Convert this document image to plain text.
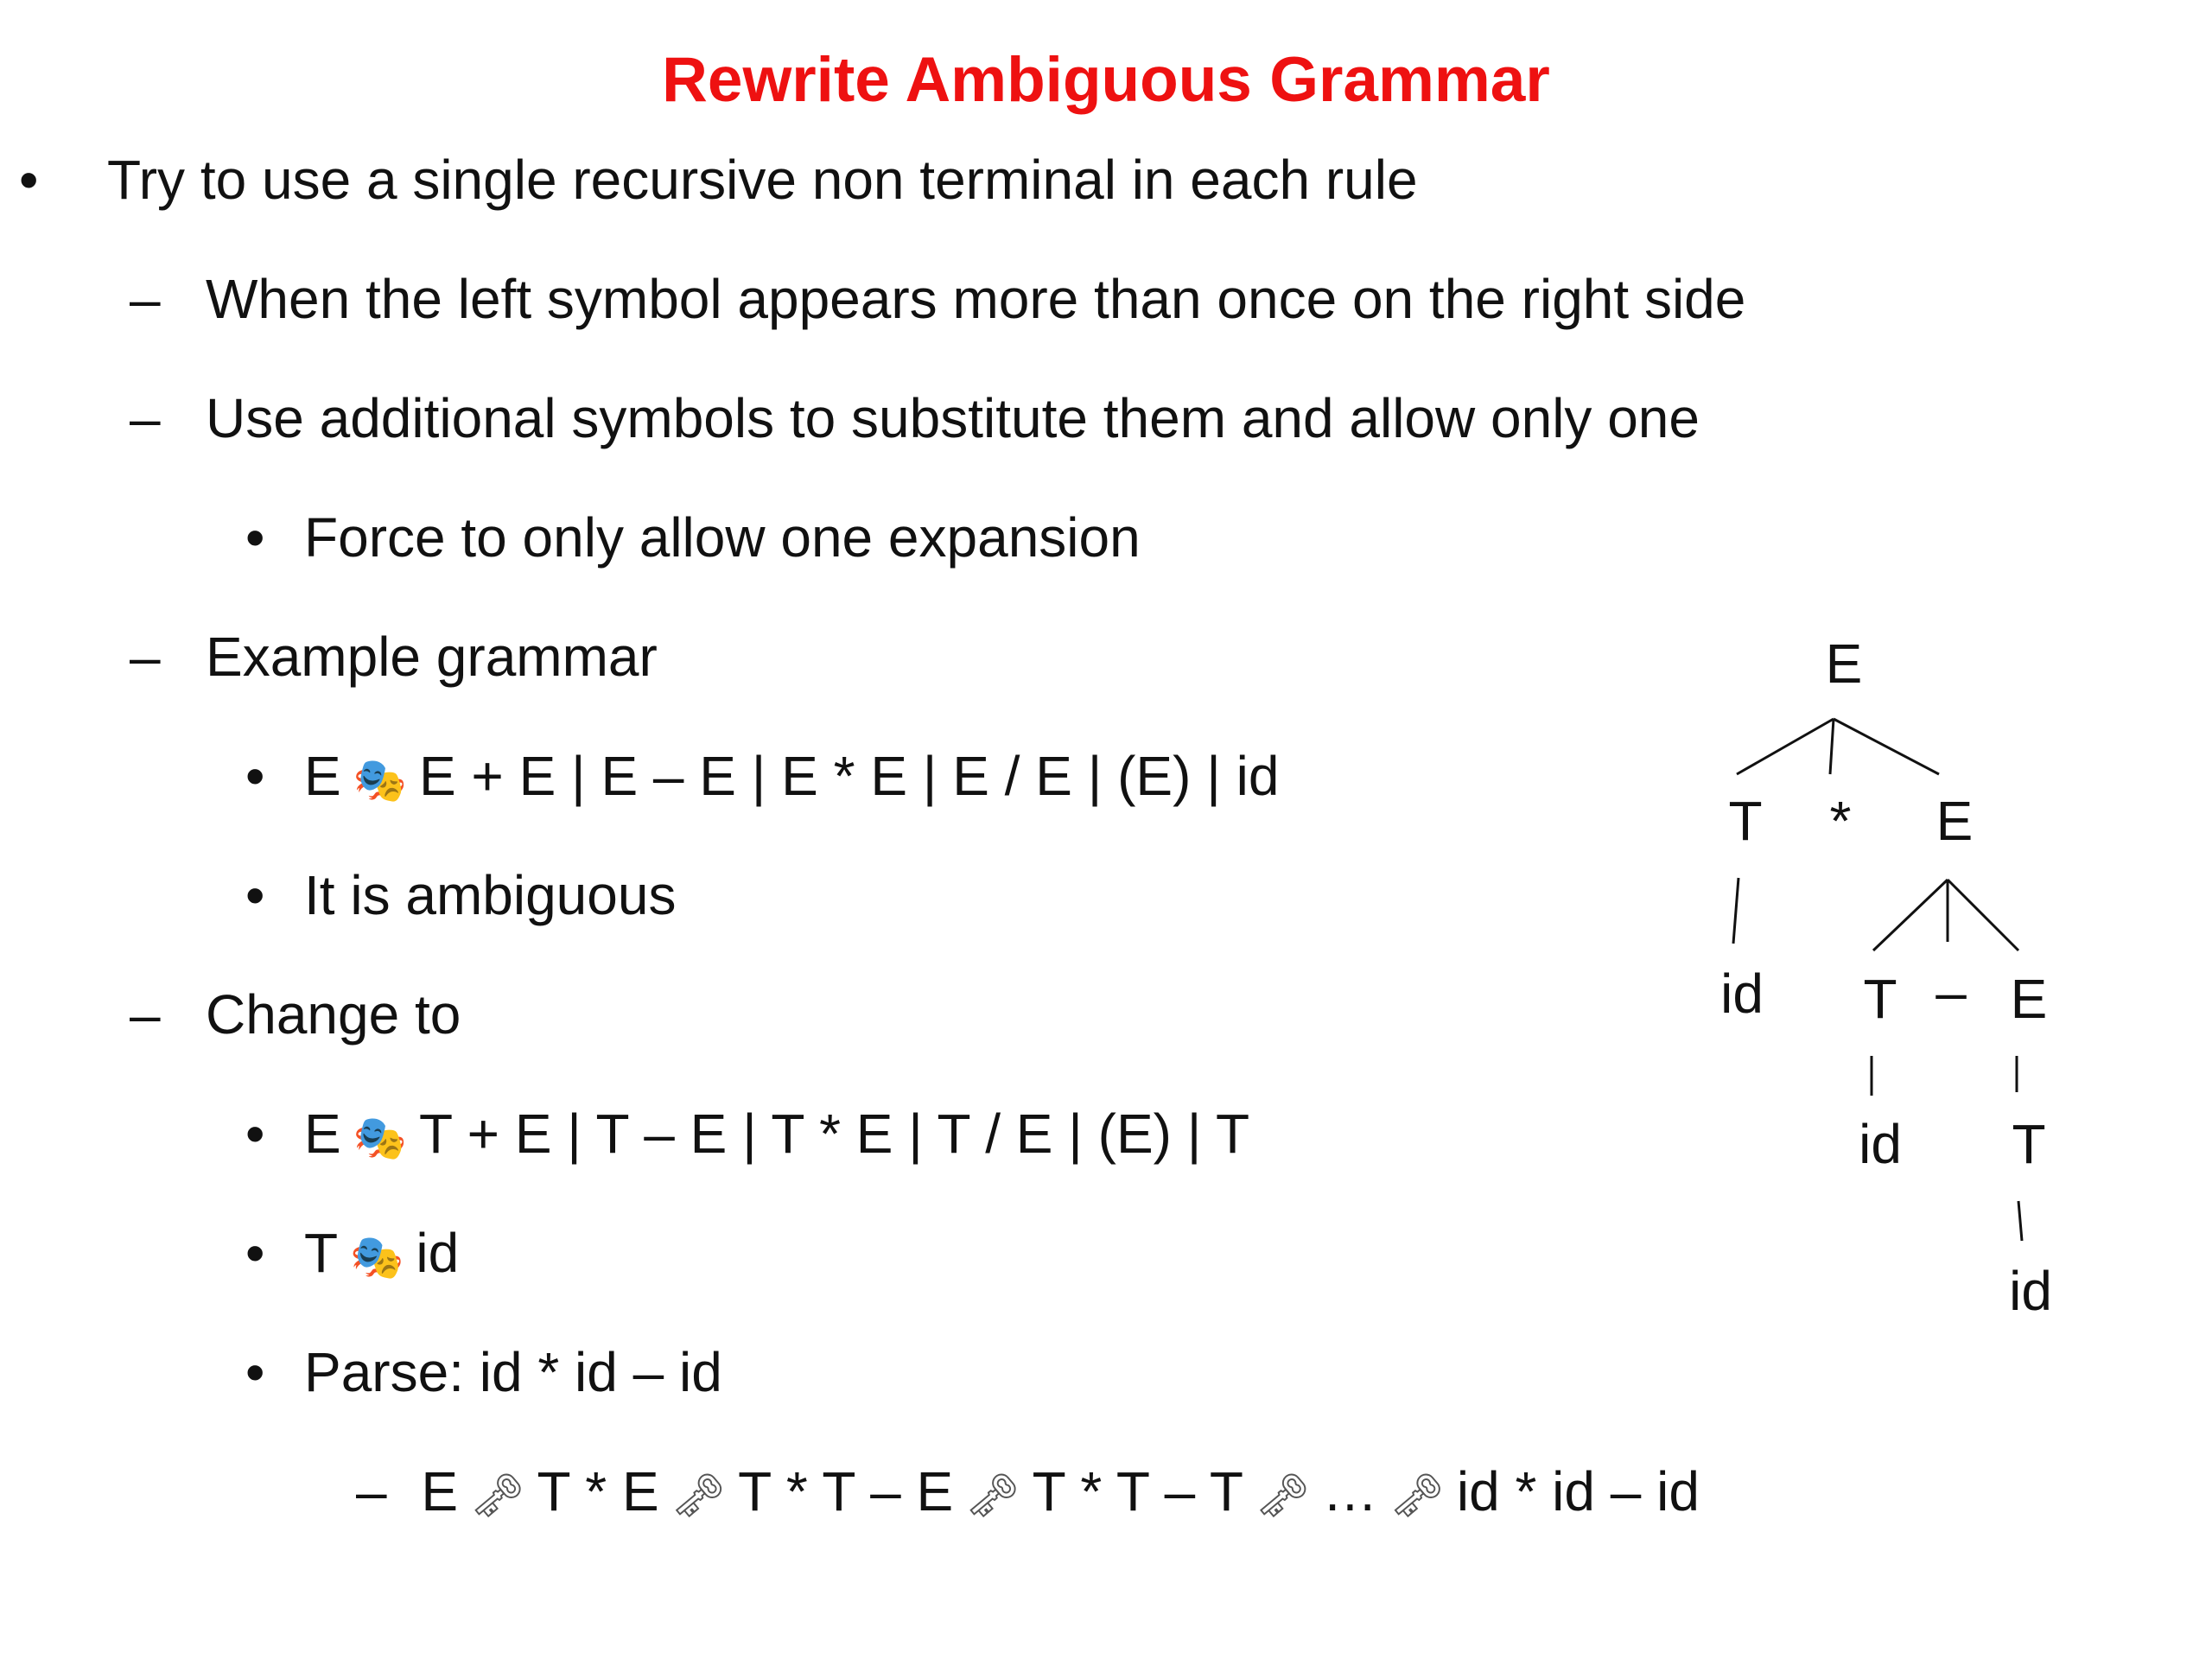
Rewrite Ambiguous Grammar
• Try to use a single recursive non terminal in each rule
– When the left symbol appears more than once on the right side
– Use additional symbols to substitute them and allow only one
• Force to only allow one expansion
– Example grammar
• E 🎭 E + E | E – E | E * E | E / E | (E) | id
• It is ambiguous
– Change to
• E 🎭 T + E | T – E | T * E | T / E | (E) | T
• T 🎭 id
• Parse: id * id – id
– E 🗝 T * E 🗝 T * T – E 🗝 T * T – T 🗝 … 🗝 id * id – id
E
T * E
id T – E
id T
id
